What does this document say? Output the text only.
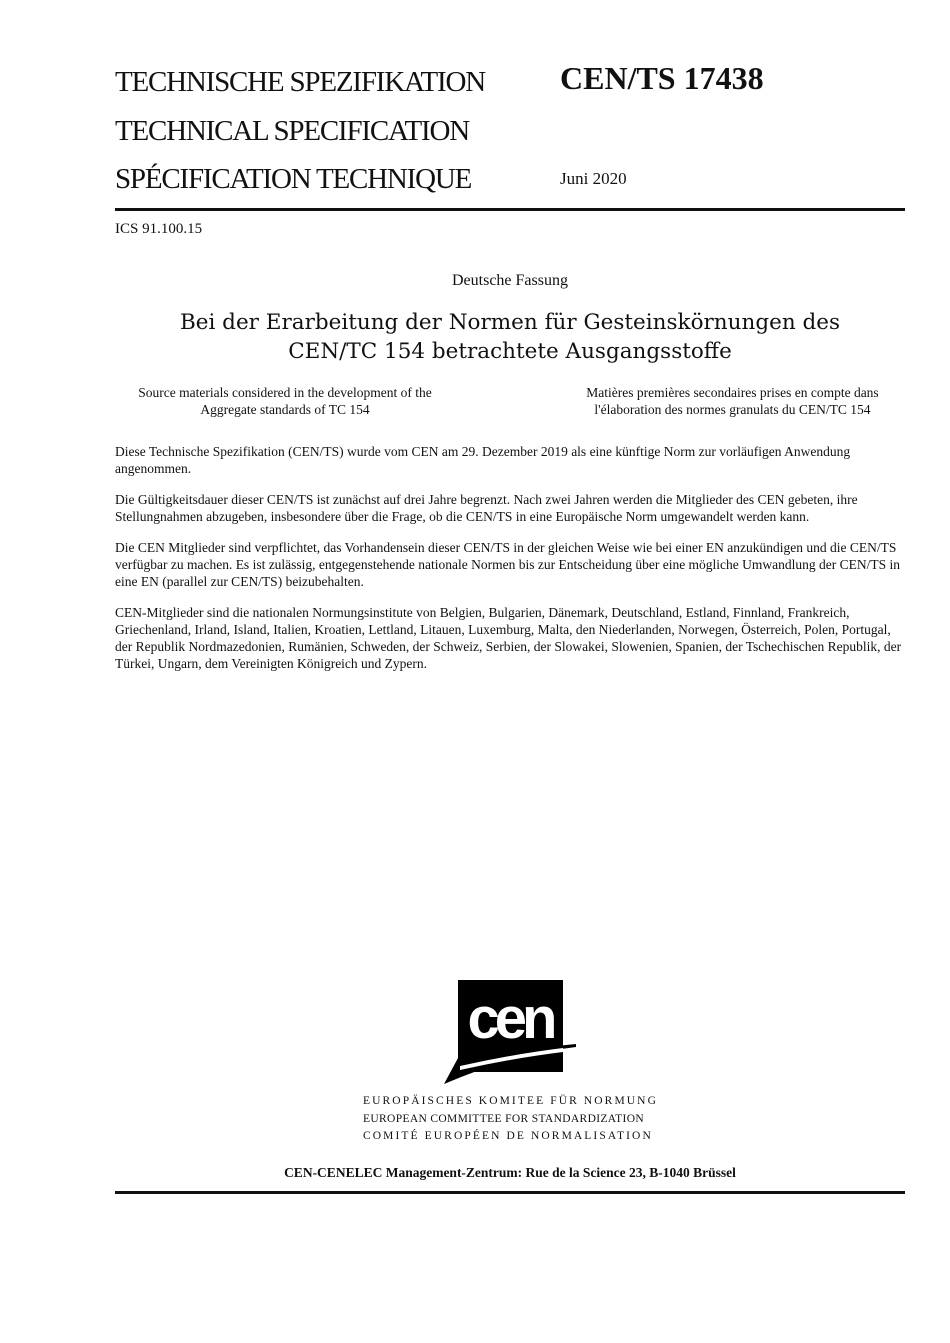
TECHNISCHE SPEZIFIKATION
TECHNICAL SPECIFICATION
SPÉCIFICATION TECHNIQUE
CEN/TS 17438
Juni 2020
ICS 91.100.15
Deutsche Fassung
Bei der Erarbeitung der Normen für Gesteinskörnungen des
CEN/TC 154 betrachtete Ausgangsstoffe
Source materials considered in the development of the
Aggregate standards of TC 154
Matières premières secondaires prises en compte dans
l'élaboration des normes granulats du CEN/TC 154

Diese Technische Spezifikation (CEN/TS) wurde vom CEN am 29. Dezember 2019 als eine künftige Norm zur vorläufigen Anwendung angenommen.

Die Gültigkeitsdauer dieser CEN/TS ist zunächst auf drei Jahre begrenzt. Nach zwei Jahren werden die Mitglieder des CEN gebeten, ihre Stellungnahmen abzugeben, insbesondere über die Frage, ob die CEN/TS in eine Europäische Norm umgewandelt werden kann.

Die CEN Mitglieder sind verpflichtet, das Vorhandensein dieser CEN/TS in der gleichen Weise wie bei einer EN anzukündigen und die CEN/TS verfügbar zu machen. Es ist zulässig, entgegenstehende nationale Normen bis zur Entscheidung über eine mögliche Umwandlung der CEN/TS in eine EN (parallel zur CEN/TS) beizubehalten.

CEN-Mitglieder sind die nationalen Normungsinstitute von Belgien, Bulgarien, Dänemark, Deutschland, Estland, Finnland, Frankreich, Griechenland, Irland, Island, Italien, Kroatien, Lettland, Litauen, Luxemburg, Malta, den Niederlanden, Norwegen, Österreich, Polen, Portugal, der Republik Nordmazedonien, Rumänien, Schweden, der Schweiz, Serbien, der Slowakei, Slowenien, Spanien, der Tschechischen Republik, der Türkei, Ungarn, dem Vereinigten Königreich und Zypern.

cen
EUROPÄISCHES KOMITEE FÜR NORMUNG
EUROPEAN COMMITTEE FOR STANDARDIZATION
COMITÉ EUROPÉEN DE NORMALISATION
CEN-CENELEC Management-Zentrum: Rue de la Science 23, B-1040 Brüssel
